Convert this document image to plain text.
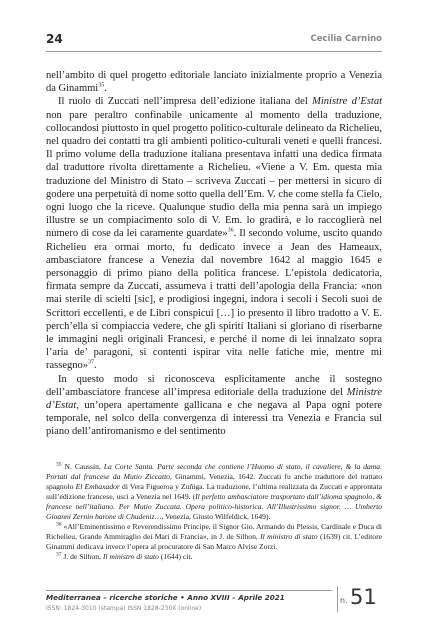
24	Cecilia Carnino

nell’ambito di quel progetto editoriale lanciato inizialmente proprio a Venezia da Ginammi$^{35}$.

Il ruolo di Zuccati nell’impresa dell’edizione italiana del Ministre d’Estat non pare peraltro confinabile unicamente al momento della traduzione, collocandosi piuttosto in quel progetto politico-culturale delineato da Richelieu, nel quadro dei contatti tra gli ambienti politico-culturali veneti e quelli francesi. Il primo volume della traduzione italiana presentava infatti una dedica firmata dal traduttore rivolta direttamente a Richelieu. «Viene a V. Em. questa mia traduzione del Ministro di Stato – scriveva Zuccati – per mettersi in sicuro di godere una perpetuità di nome sotto quella dell’Em. V. che come stella fa Cielo, ogni luogo che la riceve. Qualunque studio della mia penna sarà un impiego illustre se un compiacimento solo di V. Em. lo gradirà, e lo raccoglierà nel numero di cose da lei caramente guardate»$^{36}$. Il secondo volume, uscito quando Richelieu era ormai morto, fu dedicato invece a Jean des Hameaux, ambasciatore francese a Venezia dal novembre 1642 al maggio 1645 e personaggio di primo piano della politica francese. L’epistola dedicatoria, firmata sempre da Zuccati, assumeva i tratti dell’apologia della Francia: «non mai sterile di scielti [sic], e prodigiosi ingegni, indora i secoli i Secoli suoi de Scrittori eccellenti, e de Libri conspicui […] io presento il libro tradotto a V. E. perch’ella si compiaccia vedere, che gli spiriti Italiani si gloriano di riserbarne le immagini negli originali Francesi, e perché il nome di lei innalzato sopra l’aria de’ paragoni, si contenti ispirar vita nelle fatiche mie, mentre mi rassegno»$^{37}$.

In questo modo si riconosceva esplicitamente anche il sostegno dell’ambasciatore francese all’impresa editoriale della traduzione del Ministre d’Estat, un’opera apertamente gallicana e che negava al Papa ogni potere temporale, nel solco della convergenza di interessi tra Venezia e Francia sul piano dell’antiromanismo e del sentimento

$^{35}$ N. Caussin, La Corte Santa. Parte seconda che contiene l’Huomo di stato, il cavaliere, & la dama. Portati dal francese da Mutio Ziccatto, Ginammi, Venezia, 1642. Zuccati fu anche traduttore del trattato spagnolo El Embaxador di Vera Figueroa y Zuñiga. La traduzione, l’ultima realizzata da Zuccati e approntata sull’edizione francese, uscì a Venezia nel 1649. (Il perfetto ambasciatore trasportato dall’idioma spagnolo, & francese nell’italiano. Per Mutio Zuccata. Opera politico-historica. All’Illustrissimo signor. … Umberto Gioanni Zernin barone di Chudeniz…, Venezia, Giusto Wilfeldick, 1649).

$^{36}$ «All’Eminentissimo e Reverendissimo Principe, il Signor Gio. Armando du Plessis, Cardinale e Duca di Richelieu, Grande Ammiraglio dei Mari di Francia», in J. de Silhon, Il ministro di stato (1639) cit. L’editore Ginammi dedicava invece l’opera al procuratore di San Marco Alvise Zorzi.

$^{37}$ J. de Silhon, Il ministro di stato (1644) cit.

Mediterranea – ricerche storiche • Anno XVIII – Aprile 2021
ISSN: 1824-3010 (stampa) ISSN 1828-230X (online)
n. 51
